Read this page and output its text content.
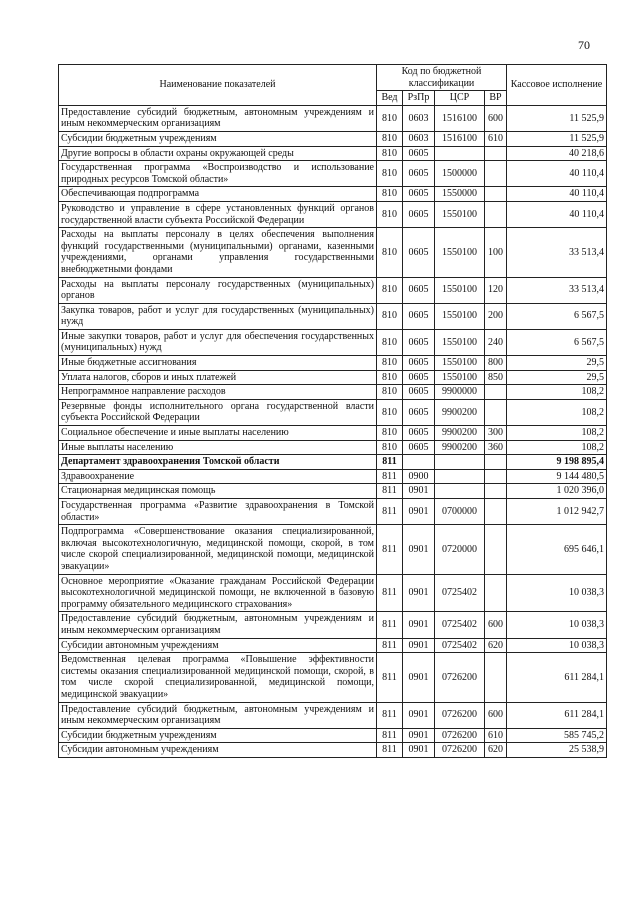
70
Наименование показателей	Код по бюджетной классификации				Кассовое исполнение
	Вед	РзПр	ЦСР	ВР	
Предоставление субсидий бюджетным, автономным учреждениям и иным некоммерческим организациям	810	0603	1516100	600	11 525,9
Субсидии бюджетным учреждениям	810	0603	1516100	610	11 525,9
Другие вопросы в области охраны окружающей среды	810	0605			40 218,6
Государственная программа «Воспроизводство и использование природных ресурсов Томской области»	810	0605	1500000		40 110,4
Обеспечивающая подпрограмма	810	0605	1550000		40 110,4
Руководство и управление в сфере установленных функций органов государственной власти субъекта Российской Федерации	810	0605	1550100		40 110,4
Расходы на выплаты персоналу в целях обеспечения выполнения функций государственными (муниципальными) органами, казенными учреждениями, органами управления государственными внебюджетными фондами	810	0605	1550100	100	33 513,4
Расходы на выплаты персоналу государственных (муниципальных) органов	810	0605	1550100	120	33 513,4
Закупка товаров, работ и услуг для государственных (муниципальных) нужд	810	0605	1550100	200	6 567,5
Иные закупки товаров, работ и услуг для обеспечения государственных (муниципальных) нужд	810	0605	1550100	240	6 567,5
Иные бюджетные ассигнования	810	0605	1550100	800	29,5
Уплата налогов, сборов и иных платежей	810	0605	1550100	850	29,5
Непрограммное направление расходов	810	0605	9900000		108,2
Резервные фонды исполнительного органа государственной власти субъекта Российской Федерации	810	0605	9900200		108,2
Социальное обеспечение и иные выплаты населению	810	0605	9900200	300	108,2
Иные выплаты населению	810	0605	9900200	360	108,2
Департамент здравоохранения Томской области	811				9 198 895,4
Здравоохранение	811	0900			9 144 480,5
Стационарная медицинская помощь	811	0901			1 020 396,0
Государственная программа «Развитие здравоохранения в Томской области»	811	0901	0700000		1 012 942,7
Подпрограмма «Совершенствование оказания специализированной, включая высокотехнологичную, медицинской помощи, скорой, в том числе скорой специализированной, медицинской помощи, медицинской эвакуации»	811	0901	0720000		695 646,1
Основное мероприятие «Оказание гражданам Российской Федерации высокотехнологичной медицинской помощи, не включенной в базовую программу обязательного медицинского страхования»	811	0901	0725402		10 038,3
Предоставление субсидий бюджетным, автономным учреждениям и иным некоммерческим организациям	811	0901	0725402	600	10 038,3
Субсидии автономным учреждениям	811	0901	0725402	620	10 038,3
Ведомственная целевая программа «Повышение эффективности системы оказания специализированной медицинской помощи, скорой, в том числе скорой специализированной, медицинской помощи, медицинской эвакуации»	811	0901	0726200		611 284,1
Предоставление субсидий бюджетным, автономным учреждениям и иным некоммерческим организациям	811	0901	0726200	600	611 284,1
Субсидии бюджетным учреждениям	811	0901	0726200	610	585 745,2
Субсидии автономным учреждениям	811	0901	0726200	620	25 538,9
